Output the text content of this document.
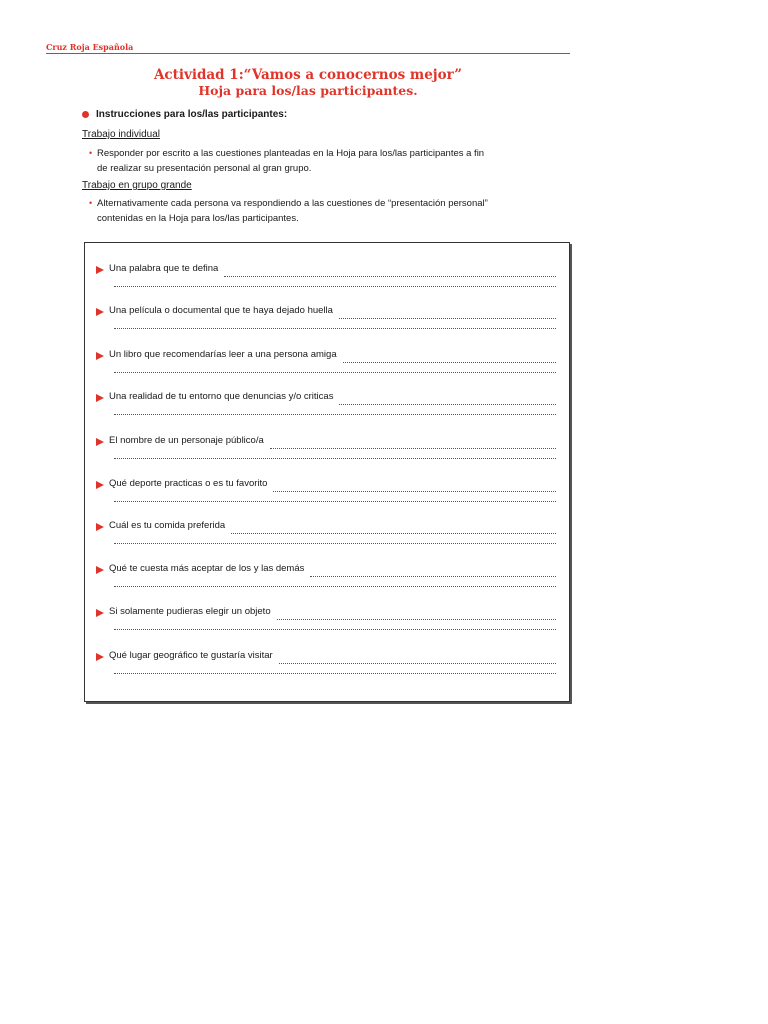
Cruz Roja Española
Actividad 1:“Vamos a conocernos mejor”
Hoja para los/las participantes.
Instrucciones para los/las participantes:
Trabajo individual
• Responder por escrito a las cuestiones planteadas en la Hoja para los/las participantes a fin
de realizar su presentación personal al gran grupo.
Trabajo en grupo grande
• Alternativamente cada persona va respondiendo a las cuestiones de “presentación personal”
contenidas en la Hoja para los/las participantes.
Una palabra que te defina
Una película o documental que te haya dejado huella
Un libro que recomendarías leer a una persona amiga
Una realidad de tu entorno que denuncias y/o criticas
El nombre de un personaje público/a
Qué deporte practicas o es tu favorito
Cuál es tu comida preferida
Qué te cuesta más aceptar de los y las demás
Si solamente pudieras elegir un objeto
Qué lugar geográfico te gustaría visitar
